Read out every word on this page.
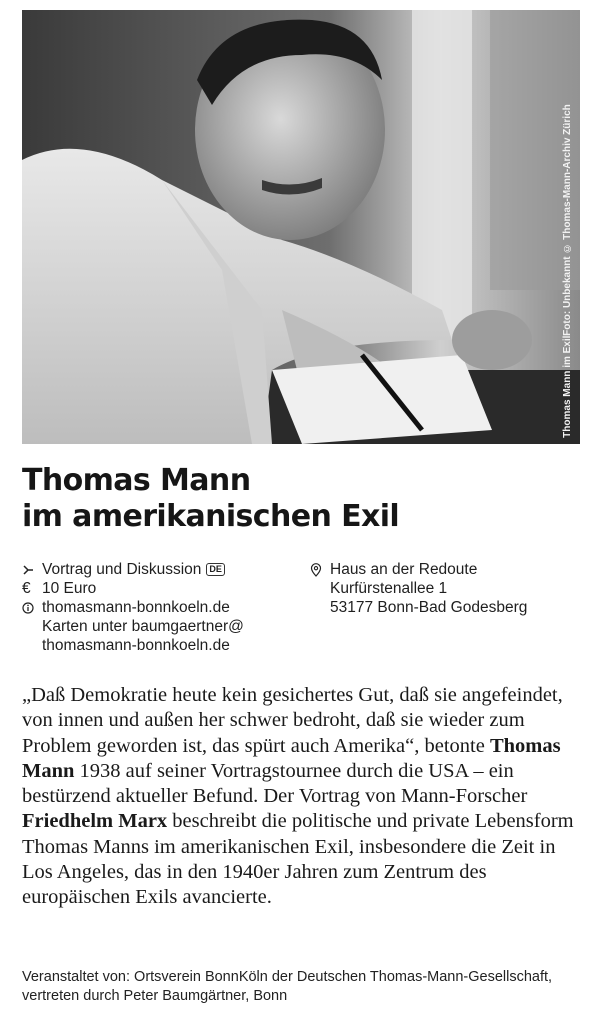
Thomas Mann im Exil
Foto: Unbekannt © Thomas-Mann-Archiv Zürich
Thomas Mann
im amerikanischen Exil
Vortrag und Diskussion DE
€ 10 Euro
thomasmann-bonnkoeln.de
Karten unter baumgaertner@
thomasmann-bonnkoeln.de
Haus an der Redoute
Kurfürstenallee 1
53177 Bonn-Bad Godesberg

„Daß Demokratie heute kein gesichertes Gut, daß sie angefeindet, von innen und außen her schwer bedroht, daß sie wieder zum Problem geworden ist, das spürt auch Amerika“, betonte Thomas Mann 1938 auf seiner Vortragstournee durch die USA – ein bestürzend aktueller Befund. Der Vortrag von Mann-Forscher Friedhelm Marx beschreibt die politische und private Lebensform Thomas Manns im amerikanischen Exil, insbesondere die Zeit in Los Angeles, das in den 1940er Jahren zum Zentrum des europäischen Exils avancierte.

Veranstaltet von: Ortsverein BonnKöln der Deutschen Thomas-Mann-Gesellschaft, vertreten durch Peter Baumgärtner, Bonn
